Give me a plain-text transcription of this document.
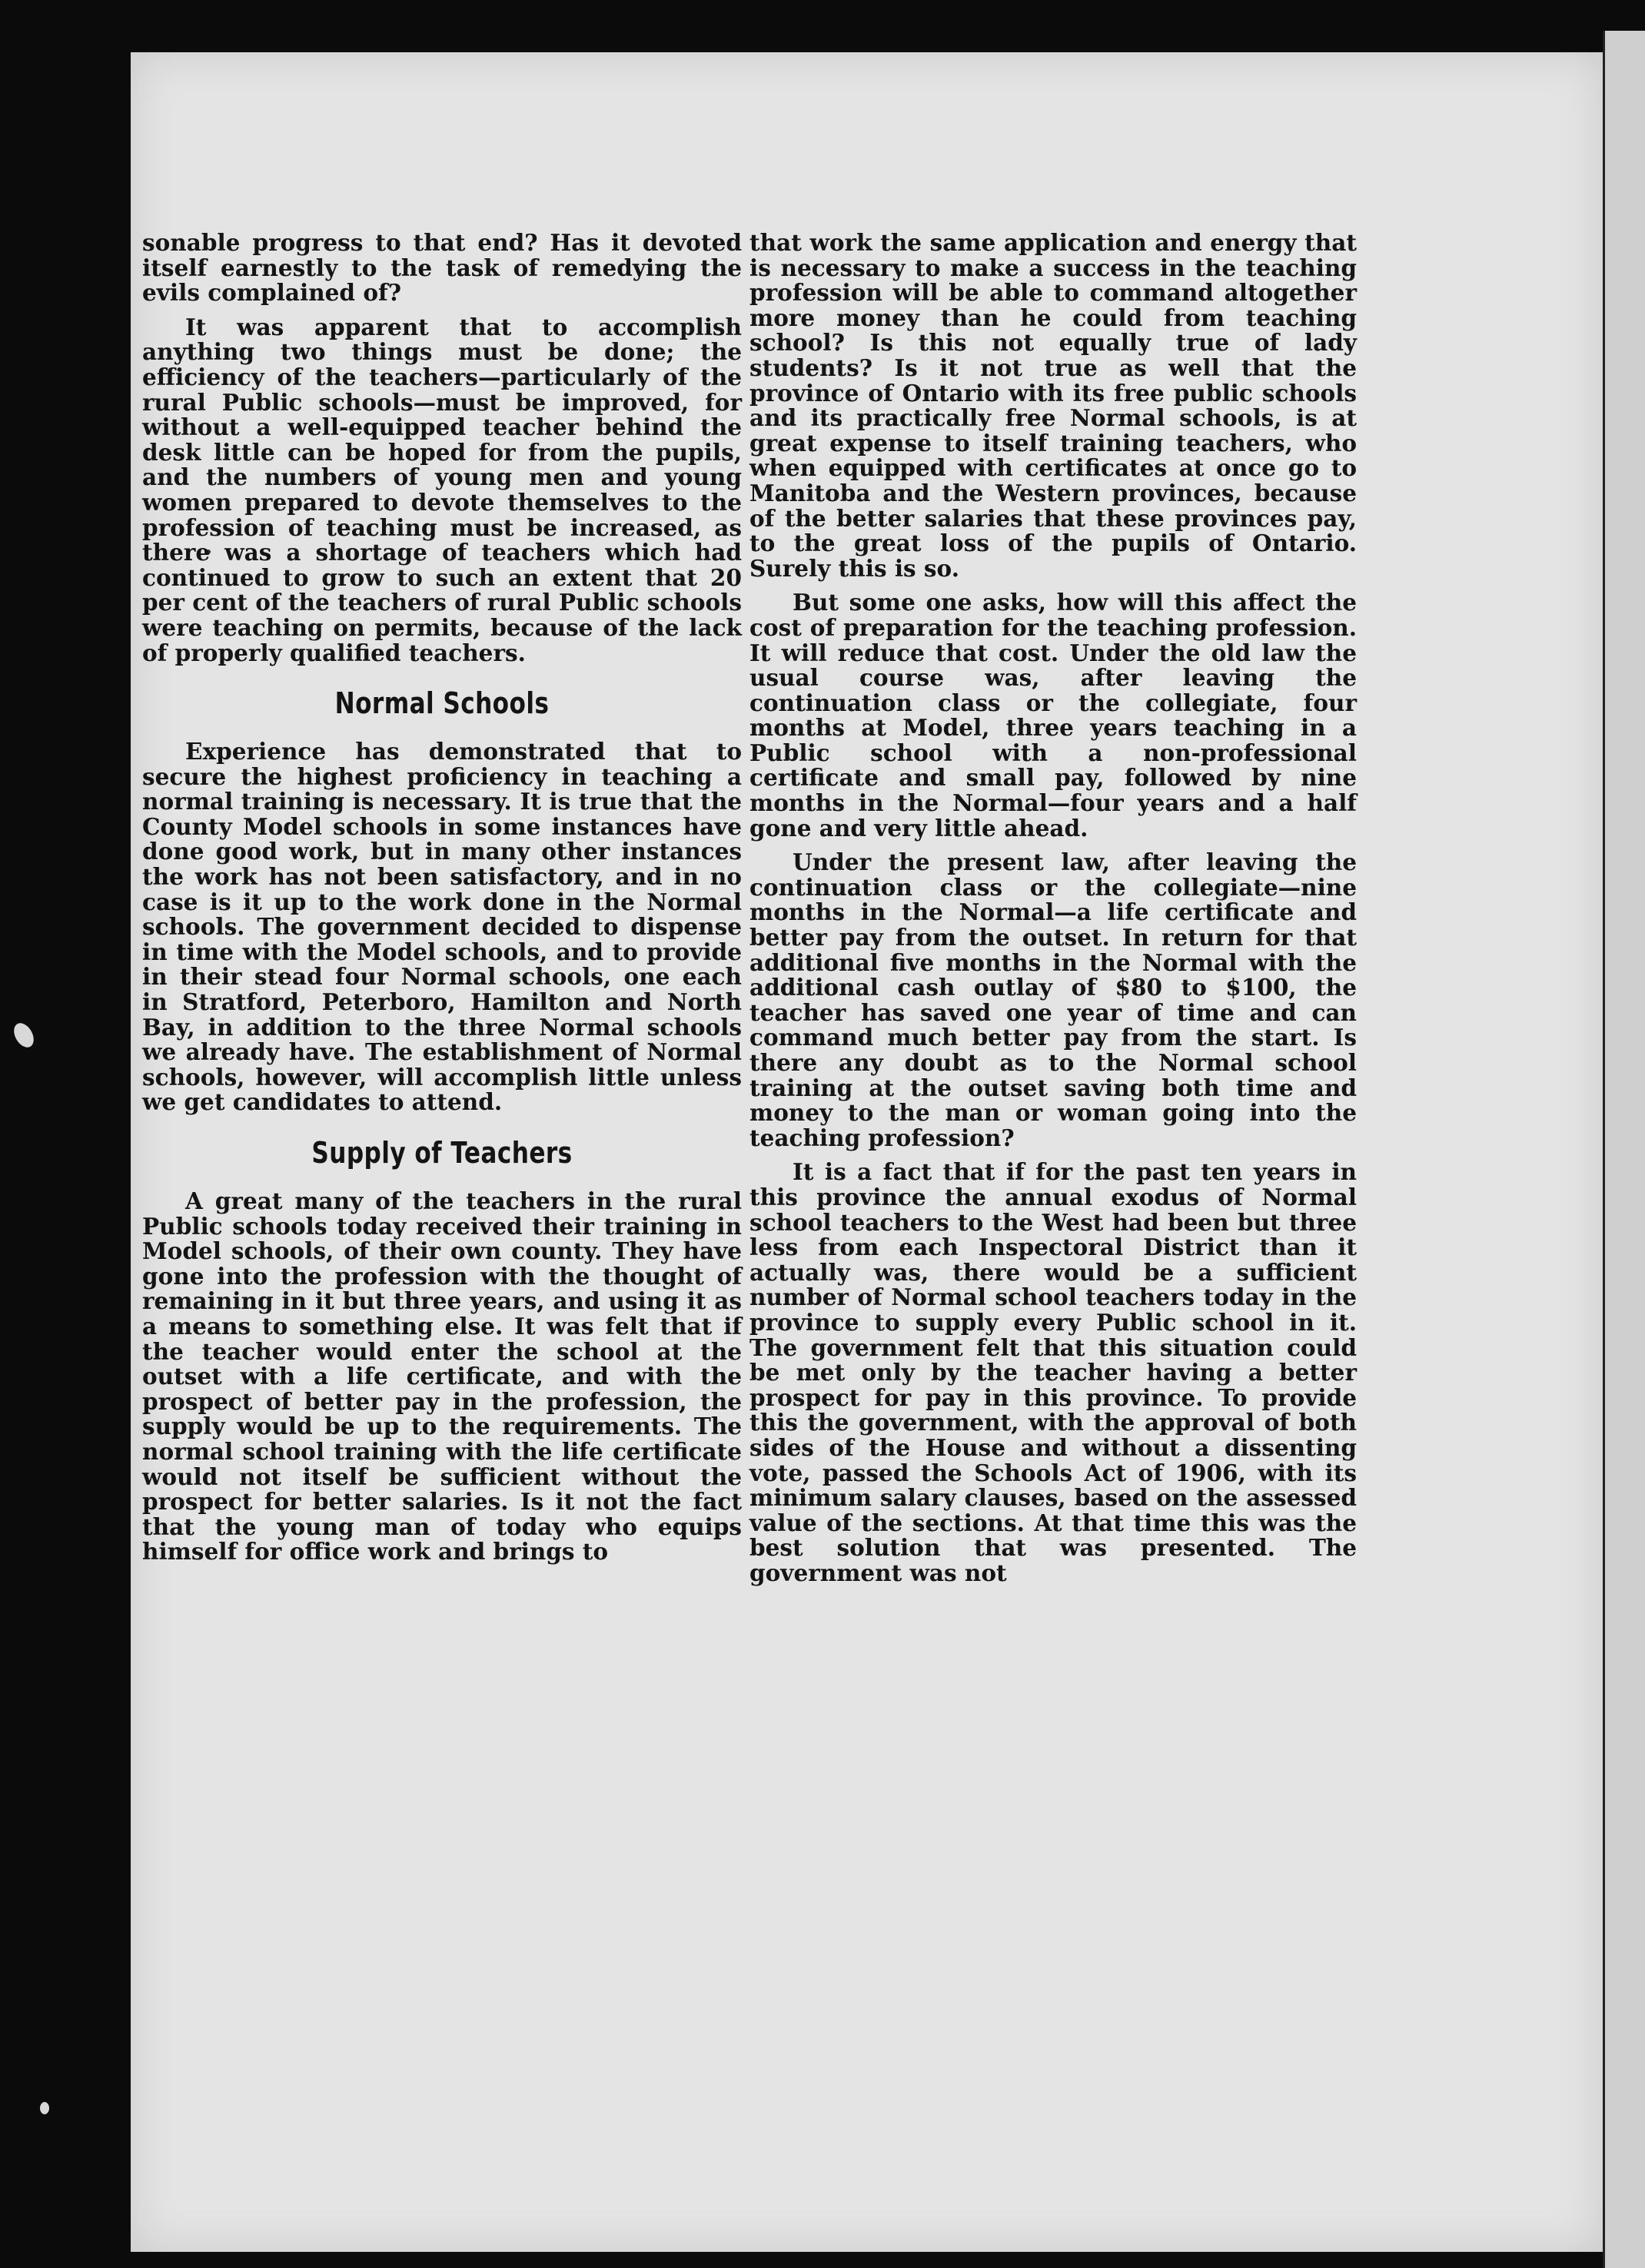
sonable progress to that end? Has it devoted itself earnestly to the task of remedying the evils complained of?

It was apparent that to accomplish anything two things must be done; the efficiency of the teachers—particularly of the rural Public schools—must be improved, for without a well-equipped teacher behind the desk little can be hoped for from the pupils, and the numbers of young men and young women prepared to devote themselves to the profession of teaching must be increased, as there was a shortage of teachers which had continued to grow to such an extent that 20 per cent of the teachers of rural Public schools were teaching on permits, because of the lack of properly qualified teachers.

Normal Schools

Experience has demonstrated that to secure the highest proficiency in teaching a normal training is necessary. It is true that the County Model schools in some instances have done good work, but in many other instances the work has not been satisfactory, and in no case is it up to the work done in the Normal schools. The government decided to dispense in time with the Model schools, and to provide in their stead four Normal schools, one each in Stratford, Peterboro, Hamilton and North Bay, in addition to the three Normal schools we already have. The establishment of Normal schools, however, will accomplish little unless we get candidates to attend.

Supply of Teachers

A great many of the teachers in the rural Public schools today received their training in Model schools, of their own county. They have gone into the profession with the thought of remaining in it but three years, and using it as a means to something else. It was felt that if the teacher would enter the school at the outset with a life certificate, and with the prospect of better pay in the profession, the supply would be up to the requirements. The normal school training with the life certificate would not itself be sufficient without the prospect for better salaries. Is it not the fact that the young man of today who equips himself for office work and brings to

that work the same application and energy that is necessary to make a success in the teaching profession will be able to command altogether more money than he could from teaching school? Is this not equally true of lady students? Is it not true as well that the province of Ontario with its free public schools and its practically free Normal schools, is at great expense to itself training teachers, who when equipped with certificates at once go to Manitoba and the Western provinces, because of the better salaries that these provinces pay, to the great loss of the pupils of Ontario. Surely this is so.

But some one asks, how will this affect the cost of preparation for the teaching profession. It will reduce that cost. Under the old law the usual course was, after leaving the continuation class or the collegiate, four months at Model, three years teaching in a Public school with a non-professional certificate and small pay, followed by nine months in the Normal—four years and a half gone and very little ahead.

Under the present law, after leaving the continuation class or the collegiate—nine months in the Normal—a life certificate and better pay from the outset. In return for that additional five months in the Normal with the additional cash outlay of $80 to $100, the teacher has saved one year of time and can command much better pay from the start. Is there any doubt as to the Normal school training at the outset saving both time and money to the man or woman going into the teaching profession?

It is a fact that if for the past ten years in this province the annual exodus of Normal school teachers to the West had been but three less from each Inspectoral District than it actually was, there would be a sufficient number of Normal school teachers today in the province to supply every Public school in it. The government felt that this situation could be met only by the teacher having a better prospect for pay in this province. To provide this the government, with the approval of both sides of the House and without a dissenting vote, passed the Schools Act of 1906, with its minimum salary clauses, based on the assessed value of the sections. At that time this was the best solution that was presented. The government was not
